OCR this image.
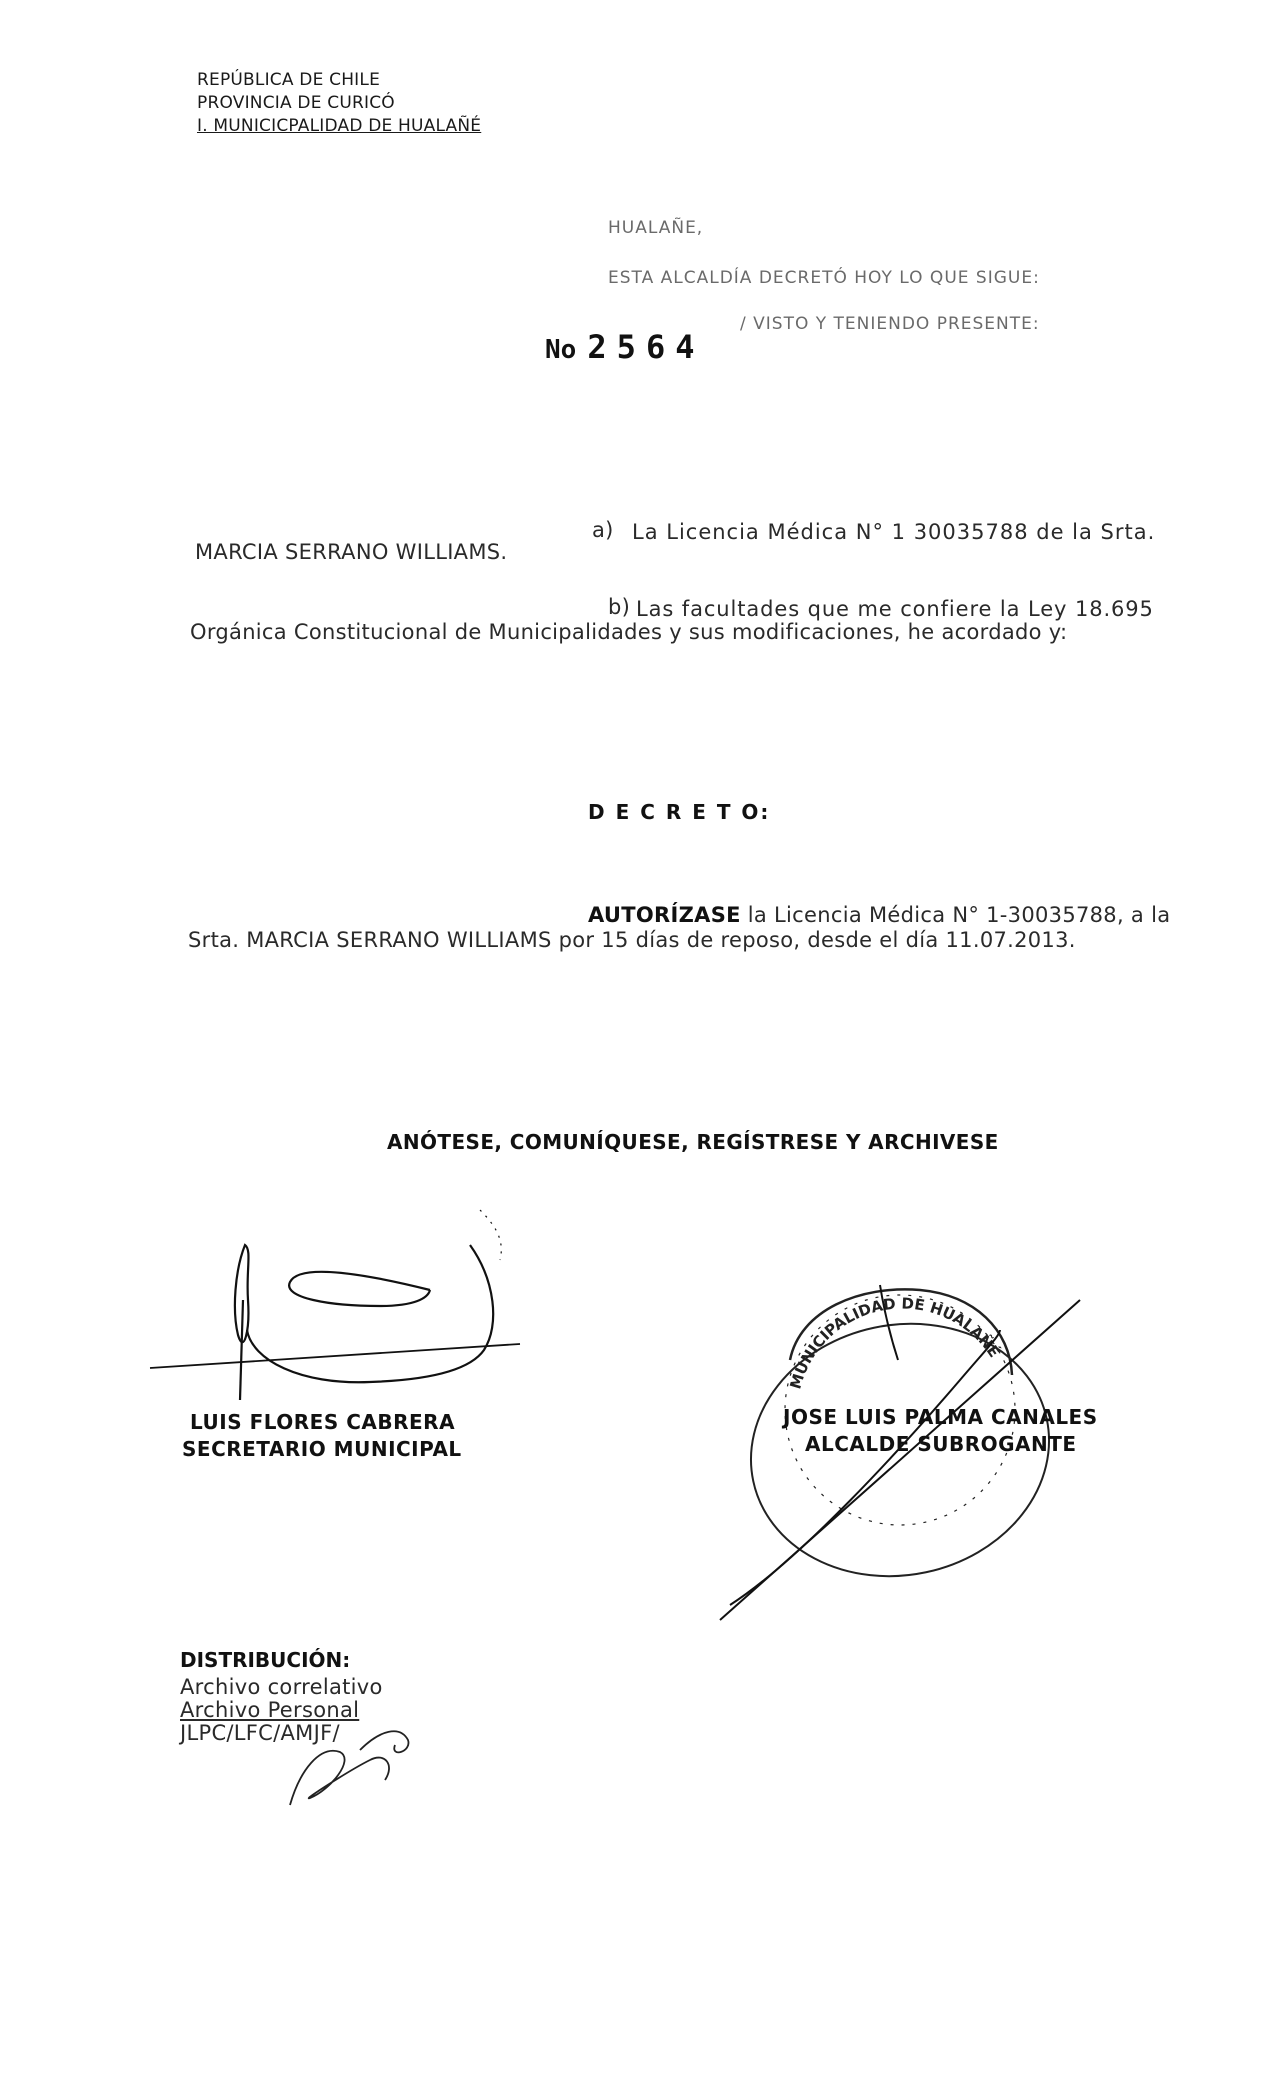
REPÚBLICA DE CHILE
PROVINCIA DE CURICÓ
I. MUNICICPALIDAD DE HUALAÑÉ
HUALAÑE,
ESTA ALCALDÍA DECRETÓ HOY LO QUE SIGUE:
/ VISTO Y TENIENDO PRESENTE:
No 2564
a) La Licencia Médica N° 1 30035788 de la Srta.
MARCIA SERRANO WILLIAMS.
b) Las facultades que me confiere la Ley 18.695
Orgánica Constitucional de Municipalidades y sus modificaciones, he acordado y:
D E C R E T O:
AUTORÍZASE la Licencia Médica N° 1-30035788, a la
Srta. MARCIA SERRANO WILLIAMS por 15 días de reposo, desde el día 11.07.2013.
ANÓTESE, COMUNÍQUESE, REGÍSTRESE Y ARCHIVESE
MUNICIPALIDAD DE HUALAÑÉ
LUIS FLORES CABRERA
SECRETARIO MUNICIPAL
JOSE LUIS PALMA CANALES
ALCALDE SUBROGANTE
DISTRIBUCIÓN:
Archivo correlativo
Archivo Personal
JLPC/LFC/AMJF/
